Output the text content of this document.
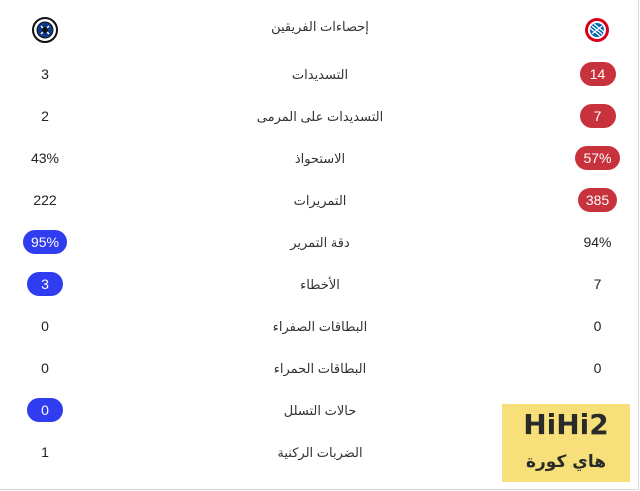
إحصاءات الفريقين
3	التسديدات	14
2	التسديدات على المرمى	7
43%	الاستحواذ	57%
222	التمريرات	385
95%	دقة التمرير	94%
3	الأخطاء	7
0	البطاقات الصفراء	0
0	البطاقات الحمراء	0
0	حالات التسلل
1	الضربات الركنية
HiHi2
هاي كورة
